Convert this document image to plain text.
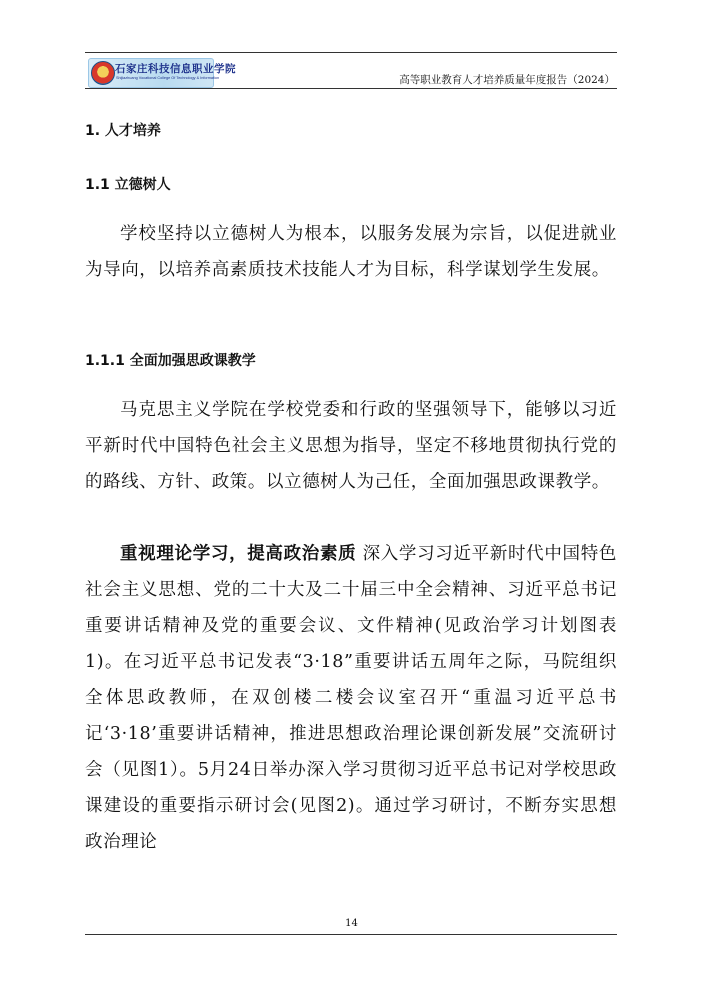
石家庄科技信息职业学院
Shijiazhuang Vocational College Of Technology & Information	高等职业教育人才培养质量年度报告（2024）
1. 人才培养
1.1 立德树人

学校坚持以立德树人为根本，以服务发展为宗旨，以促进就业为导向，以培养高素质技术技能人才为目标，科学谋划学生发展。

1.1.1 全面加强思政课教学

马克思主义学院在学校党委和行政的坚强领导下，能够以习近平新时代中国特色社会主义思想为指导，坚定不移地贯彻执行党的的路线、方针、政策。以立德树人为己任，全面加强思政课教学。

重视理论学习，提高政治素质 深入学习习近平新时代中国特色社会主义思想、党的二十大及二十届三中全会精神、习近平总书记重要讲话精神及党的重要会议、文件精神(见政治学习计划图表1)。在习近平总书记发表“3·18”重要讲话五周年之际，马院组织全体思政教师，在双创楼二楼会议室召开“重温习近平总书记‘3·18’重要讲话精神，推进思想政治理论课创新发展”交流研讨会（见图1）。5月24日举办深入学习贯彻习近平总书记对学校思政课建设的重要指示研讨会(见图2)。通过学习研讨，不断夯实思想政治理论

14
